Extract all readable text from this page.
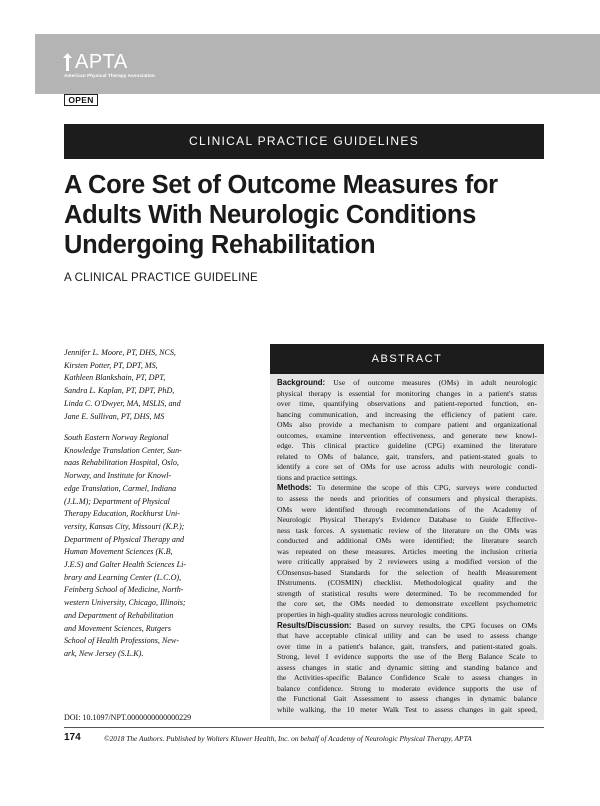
APTA
American Physical Therapy Association
OPEN
CLINICAL PRACTICE GUIDELINES
A Core Set of Outcome Measures for
Adults With Neurologic Conditions
Undergoing Rehabilitation
A CLINICAL PRACTICE GUIDELINE
Jennifer L. Moore, PT, DHS, NCS,
Kirsten Potter, PT, DPT, MS,
Kathleen Blankshain, PT, DPT,
Sandra L. Kaplan, PT, DPT, PhD,
Linda C. O'Dwyer, MA, MSLIS, and
Jane E. Sullivan, PT, DHS, MS
South Eastern Norway Regional
Knowledge Translation Center, Sun-
naas Rehabilitation Hospital, Oslo,
Norway, and Institute for Knowl-
edge Translation, Carmel, Indiana
(J.L.M); Department of Physical
Therapy Education, Rockhurst Uni-
versity, Kansas City, Missouri (K.P.);
Department of Physical Therapy and
Human Movement Sciences (K.B,
J.E.S) and Galter Health Sciences Li-
brary and Learning Center (L.C.O),
Feinberg School of Medicine, North-
western University, Chicago, Illinois;
and Department of Rehabilitation
and Movement Sciences, Rutgers
School of Health Professions, New-
ark, New Jersey (S.L.K).
ABSTRACT
Background: Use of outcome measures (OMs) in adult neurologic
physical therapy is essential for monitoring changes in a patient's status
over time, quantifying observations and patient-reported function, en-
hancing communication, and increasing the efficiency of patient care.
OMs also provide a mechanism to compare patient and organizational
outcomes, examine intervention effectiveness, and generate new knowl-
edge. This clinical practice guideline (CPG) examined the literature
related to OMs of balance, gait, transfers, and patient-stated goals to
identify a core set of OMs for use across adults with neurologic condi-
tions and practice settings.
Methods: To determine the scope of this CPG, surveys were conducted
to assess the needs and priorities of consumers and physical therapists.
OMs were identified through recommendations of the Academy of
Neurologic Physical Therapy's Evidence Database to Guide Effective-
ness task forces. A systematic review of the literature on the OMs was
conducted and additional OMs were identified; the literature search
was repeated on these measures. Articles meeting the inclusion criteria
were critically appraised by 2 reviewers using a modified version of the
COnsensus-based Standards for the selection of health Measurement
INstruments. (COSMIN) checklist. Methodological quality and the
strength of statistical results were determined. To be recommended for
the core set, the OMs needed to demonstrate excellent psychometric
properties in high-quality studies across neurologic conditions.
Results/Discussion: Based on survey results, the CPG focuses on OMs
that have acceptable clinical utility and can be used to assess change
over time in a patient's balance, gait, transfers, and patient-stated goals.
Strong, level I evidence supports the use of the Berg Balance Scale to
assess changes in static and dynamic sitting and standing balance and
the Activities-specific Balance Confidence Scale to assess changes in
balance confidence. Strong to moderate evidence supports the use of
the Functional Gait Assessment to assess changes in dynamic balance
while walking, the 10 meter Walk Test to assess changes in gait speed,
DOI: 10.1097/NPT.0000000000000229
174	©2018 The Authors. Published by Wolters Kluwer Health, Inc. on behalf of Academy of Neurologic Physical Therapy, APTA
